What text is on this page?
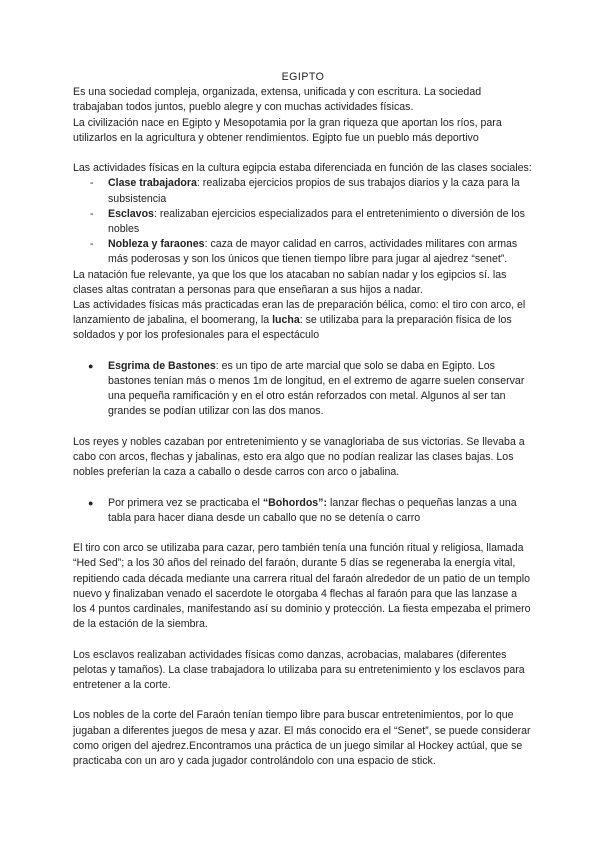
EGIPTO

Es una sociedad compleja, organizada, extensa, unificada y con escritura. La sociedad trabajaban todos juntos, pueblo alegre y con muchas actividades físicas.

La civilización nace en Egipto y Mesopotamia por la gran riqueza que aportan los ríos, para utilizarlos en la agricultura y obtener rendimientos. Egipto fue un pueblo más deportivo

Las actividades físicas en la cultura egipcia estaba diferenciada en función de las clases sociales:

- Clase trabajadora: realizaba ejercicios propios de sus trabajos diarios y la caza para la subsistencia
- Esclavos: realizaban ejercicios especializados para el entretenimiento o diversión de los nobles
- Nobleza y faraones: caza de mayor calidad en carros, actividades militares con armas más poderosas y son los únicos que tienen tiempo libre para jugar al ajedrez “senet”.

La natación fue relevante, ya que los que los atacaban no sabían nadar y los egipcios sí. las clases altas contratan a personas para que enseñaran a sus hijos a nadar.

Las actividades físicas más practicadas eran las de preparación bélica, como: el tiro con arco, el lanzamiento de jabalina, el boomerang, la lucha: se utilizaba para la preparación física de los soldados y por los profesionales para el espectáculo

● Esgrima de Bastones: es un tipo de arte marcial que solo se daba en Egipto. Los bastones tenían más o menos 1m de longitud, en el extremo de agarre suelen conservar una pequeña ramificación y en el otro están reforzados con metal. Algunos al ser tan grandes se podían utilizar con las dos manos.

Los reyes y nobles cazaban por entretenimiento y se vanagloriaba de sus victorias. Se llevaba a cabo con arcos, flechas y jabalinas, esto era algo que no podían realizar las clases bajas. Los nobles preferían la caza a caballo o desde carros con arco o jabalina.

● Por primera vez se practicaba el “Bohordos”: lanzar flechas o pequeñas lanzas a una tabla para hacer diana desde un caballo que no se detenía o carro

El tiro con arco se utilizaba para cazar, pero también tenía una función ritual y religiosa, llamada “Hed Sed”; a los 30 años del reinado del faraón, durante 5 días se regeneraba la energía vital, repitiendo cada década mediante una carrera ritual del faraón alrededor de un patio de un templo nuevo y finalizaban venado el sacerdote le otorgaba 4 flechas al faraón para que las lanzase a los 4 puntos cardinales, manifestando así su dominio y protección. La fiesta empezaba el primero de la estación de la siembra.

Los esclavos realizaban actividades físicas como danzas, acrobacias, malabares (diferentes pelotas y tamaños). La clase trabajadora lo utilizaba para su entretenimiento y los esclavos para entretener a la corte.

Los nobles de la corte del Faraón tenían tiempo libre para buscar entretenimientos, por lo que jugaban a diferentes juegos de mesa y azar. El más conocido era el “Senet”, se puede considerar como origen del ajedrez.Encontramos una práctica de un juego similar al Hockey actúal, que se practicaba con un aro y cada jugador controlándolo con una espacio de stick.
